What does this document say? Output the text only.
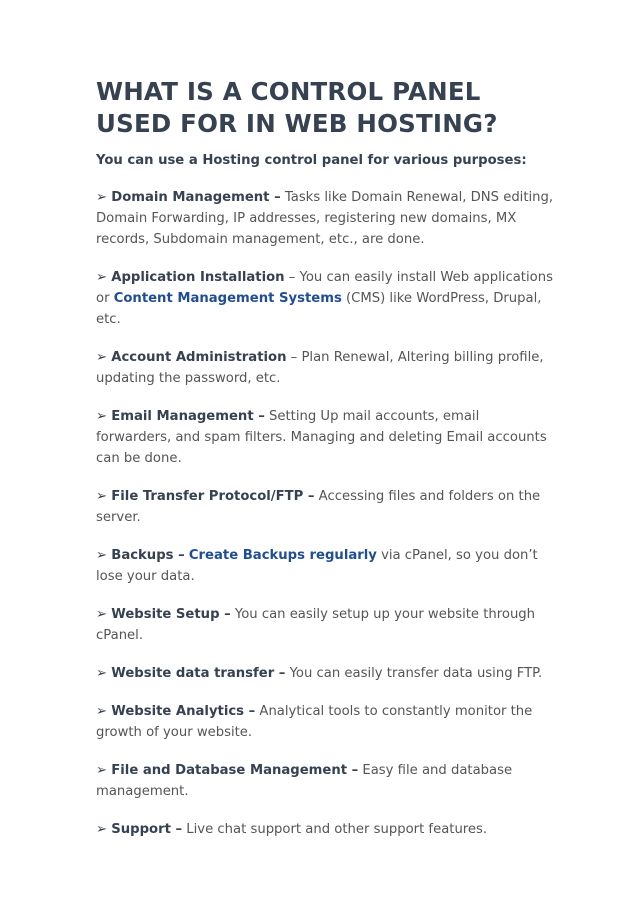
WHAT IS A CONTROL PANEL USED FOR IN WEB HOSTING?

You can use a Hosting control panel for various purposes:

➢ Domain Management – Tasks like Domain Renewal, DNS editing, Domain Forwarding, IP addresses, registering new domains, MX records, Subdomain management, etc., are done.

➢ Application Installation – You can easily install Web applications or Content Management Systems (CMS) like WordPress, Drupal, etc.

➢ Account Administration – Plan Renewal, Altering billing profile, updating the password, etc.

➢ Email Management – Setting Up mail accounts, email forwarders, and spam filters. Managing and deleting Email accounts can be done.

➢ File Transfer Protocol/FTP – Accessing files and folders on the server.

➢ Backups – Create Backups regularly via cPanel, so you don’t lose your data.

➢ Website Setup – You can easily setup up your website through cPanel.

➢ Website data transfer – You can easily transfer data using FTP.

➢ Website Analytics – Analytical tools to constantly monitor the growth of your website.

➢ File and Database Management – Easy file and database management.

➢ Support – Live chat support and other support features.
